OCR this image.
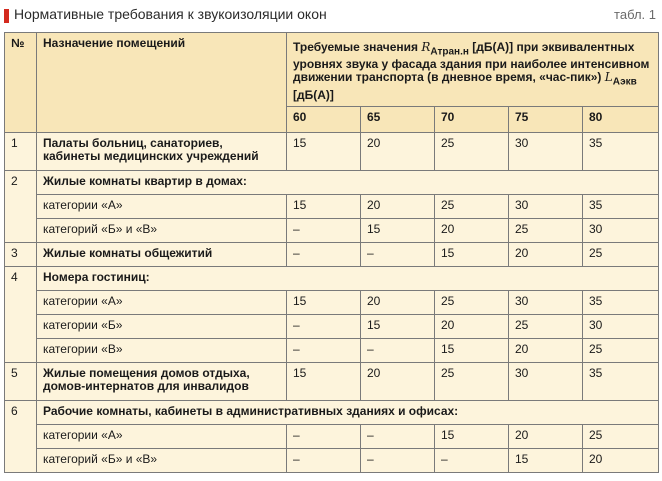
Нормативные требования к звукоизоляции окон	табл. 1
№	Назначение помещений	Требуемые значения $R_{Атран.н}$ [дБ(А)] при эквивалентных уровнях звука у фасада здания при наиболее интенсивном движении транспорта (в дневное время, «час-пик») $L_{Аэкв}$ [дБ(А)]				
		60	65	70	75	80
1	Палаты больниц, санаториев, кабинеты медицинских учреждений	15	20	25	30	35
2	Жилые комнаты квартир в домах:					
	категории «А»	15	20	25	30	35
	категорий «Б» и «В»	–	15	20	25	30
3	Жилые комнаты общежитий	–	–	15	20	25
4	Номера гостиниц:					
	категории «А»	15	20	25	30	35
	категории «Б»	–	15	20	25	30
	категории «В»	–	–	15	20	25
5	Жилые помещения домов отдыха, домов-интернатов для инвалидов	15	20	25	30	35
6	Рабочие комнаты, кабинеты в административных зданиях и офисах:					
	категории «А»	–	–	15	20	25
	категорий «Б» и «В»	–	–	–	15	20
